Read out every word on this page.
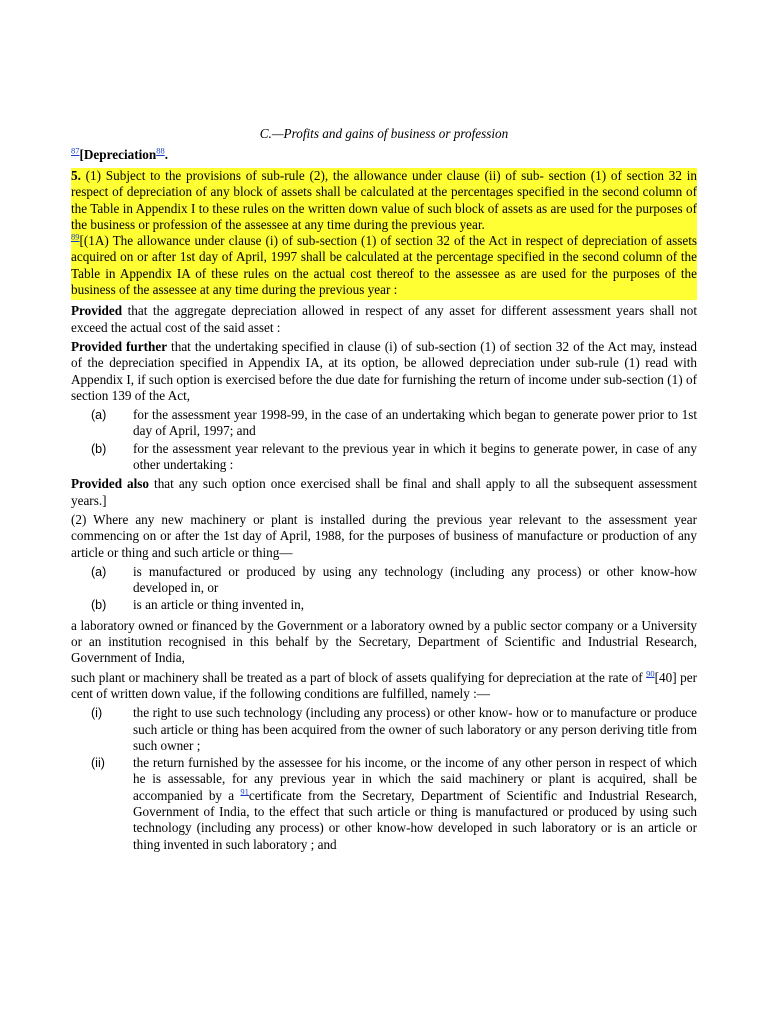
C.—Profits and gains of business or profession
$^{87}$[Depreciation$^{88}$.

5. (1) Subject to the provisions of sub-rule (2), the allowance under clause (ii) of sub- section (1) of section 32 in respect of depreciation of any block of assets shall be calculated at the percentages specified in the second column of the Table in Appendix I to these rules on the written down value of such block of assets as are used for the purposes of the business or profession of the assessee at any time during the previous year.

$^{89}$[(1A) The allowance under clause (i) of sub-section (1) of section 32 of the Act in respect of depreciation of assets acquired on or after 1st day of April, 1997 shall be calculated at the percentage specified in the second column of the Table in Appendix IA of these rules on the actual cost thereof to the assessee as are used for the purposes of the business of the assessee at any time during the previous year :

Provided that the aggregate depreciation allowed in respect of any asset for different assessment years shall not exceed the actual cost of the said asset :

Provided further that the undertaking specified in clause (i) of sub-section (1) of section 32 of the Act may, instead of the depreciation specified in Appendix IA, at its option, be allowed depreciation under sub-rule (1) read with Appendix I, if such option is exercised before the due date for furnishing the return of income under sub-section (1) of section 139 of the Act,

(a)	for the assessment year 1998-99, in the case of an undertaking which began to generate power prior to 1st day of April, 1997; and
(b)	for the assessment year relevant to the previous year in which it begins to generate power, in case of any other undertaking :

Provided also that any such option once exercised shall be final and shall apply to all the subsequent assessment years.]

(2) Where any new machinery or plant is installed during the previous year relevant to the assessment year commencing on or after the 1st day of April, 1988, for the purposes of business of manufacture or production of any article or thing and such article or thing—

(a)	is manufactured or produced by using any technology (including any process) or other know-how developed in, or
(b)	is an article or thing invented in,

a laboratory owned or financed by the Government or a laboratory owned by a public sector company or a University or an institution recognised in this behalf by the Secretary, Department of Scientific and Industrial Research, Government of India,

such plant or machinery shall be treated as a part of block of assets qualifying for depreciation at the rate of $^{90}$[40] per cent of written down value, if the following conditions are fulfilled, namely :—

(i)	the right to use such technology (including any process) or other know- how or to manufacture or produce such article or thing has been acquired from the owner of such laboratory or any person deriving title from such owner ;
(ii)	the return furnished by the assessee for his income, or the income of any other person in respect of which he is assessable, for any previous year in which the said machinery or plant is acquired, shall be accompanied by a $^{91}$certificate from the Secretary, Department of Scientific and Industrial Research, Government of India, to the effect that such article or thing is manufactured or produced by using such technology (including any process) or other know-how developed in such laboratory or is an article or thing invented in such laboratory ; and
